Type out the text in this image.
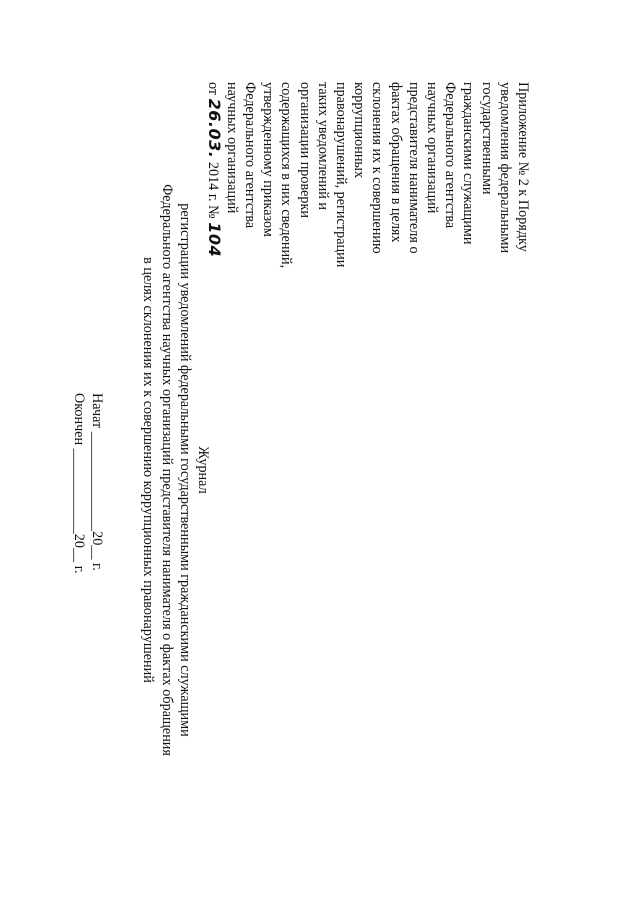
Приложение № 2 к Порядку
уведомления федеральными
государственными
гражданскими служащими
Федерального агентства
научных организаций
представителя нанимателя о
фактах обращения в целях
склонения их к совершению
коррупционных
правонарушений, регистрации
таких уведомлений и
организации проверки
содержащихся в них сведений,
утвержденному приказом
Федерального агентства
научных организаций
от 26.03. 2014 г. № 104
Журнал
регистрации уведомлений федеральными государственными гражданскими служащими
Федерального агентства научных организаций представителя нанимателя о фактах обращения
в целях склонения их к совершению коррупционных правонарушений
Начат ______________20__ г.
Окончен ____________20__ г.
